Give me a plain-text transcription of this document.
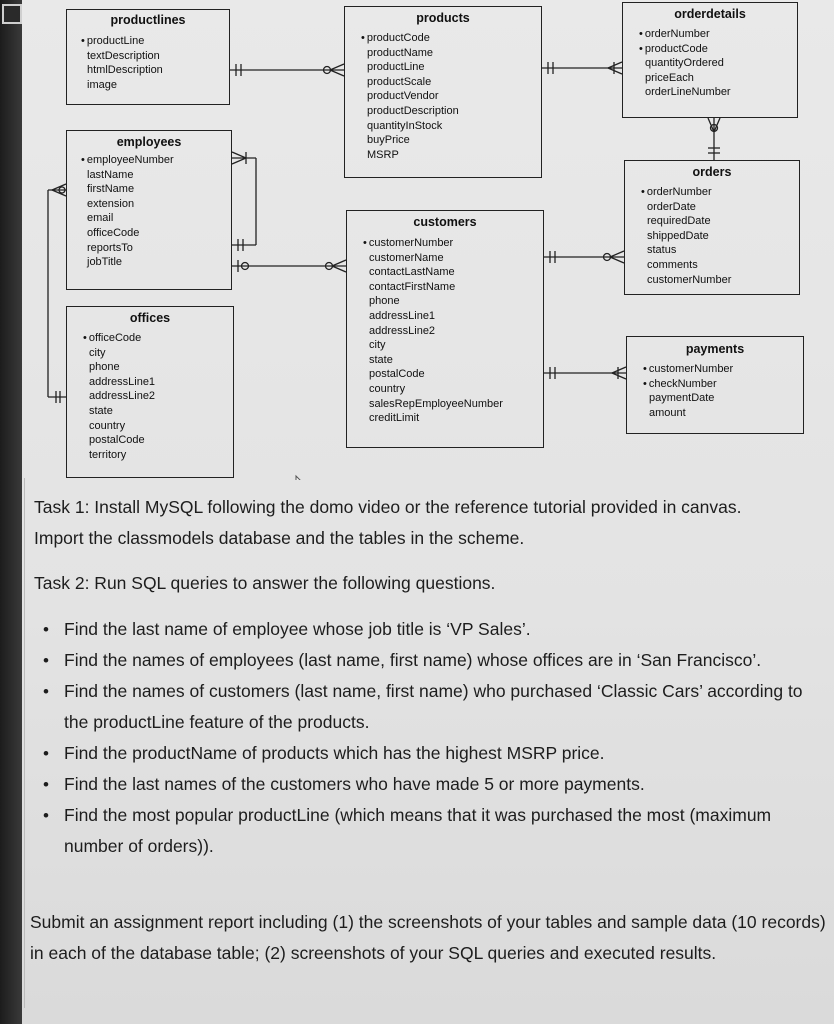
productlines
• productLine
textDescription
htmlDescription
image
products
• productCode
productName
productLine
productScale
productVendor
productDescription
quantityInStock
buyPrice
MSRP
orderdetails
• orderNumber
• productCode
quantityOrdered
priceEach
orderLineNumber
employees
• employeeNumber
lastName
firstName
extension
email
officeCode
reportsTo
jobTitle
orders
• orderNumber
orderDate
requiredDate
shippedDate
status
comments
customerNumber
customers
• customerNumber
customerName
contactLastName
contactFirstName
phone
addressLine1
addressLine2
city
state
postalCode
country
salesRepEmployeeNumber
creditLimit
offices
• officeCode
city
phone
addressLine1
addressLine2
state
country
postalCode
territory
payments
• customerNumber
• checkNumber
paymentDate
amount
Task 1: Install MySQL following the domo video or the reference tutorial provided in canvas. Import the classmodels database and the tables in the scheme.
Task 2: Run SQL queries to answer the following questions.
• Find the last name of employee whose job title is ‘VP Sales’.
• Find the names of employees (last name, first name) whose offices are in ‘San Francisco’.
• Find the names of customers (last name, first name) who purchased ‘Classic Cars’ according to the productLine feature of the products.
• Find the productName of products which has the highest MSRP price.
• Find the last names of the customers who have made 5 or more payments.
• Find the most popular productLine (which means that it was purchased the most (maximum number of orders)).
Submit an assignment report including (1) the screenshots of your tables and sample data (10 records) in each of the database table; (2) screenshots of your SQL queries and executed results.
